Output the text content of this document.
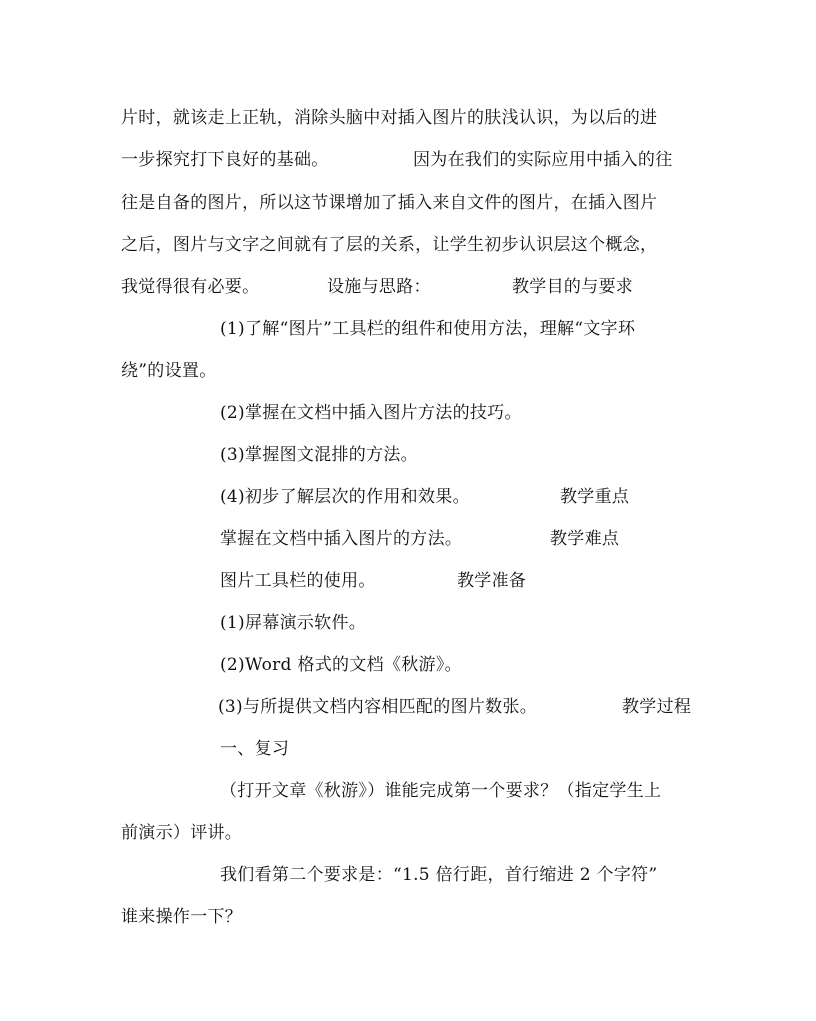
片时，就该走上正轨，消除头脑中对插入图片的肤浅认识，为以后的进
一步探究打下良好的基础。	因为在我们的实际应用中插入的往
往是自备的图片，所以这节课增加了插入来自文件的图片，在插入图片
之后，图片与文字之间就有了层的关系，让学生初步认识层这个概念，
我觉得很有必要。	设施与思路：	教学目的与要求
(1)了解“图片”工具栏的组件和使用方法，理解“文字环
绕”的设置。
(2)掌握在文档中插入图片方法的技巧。
(3)掌握图文混排的方法。
(4)初步了解层次的作用和效果。	教学重点
掌握在文档中插入图片的方法。	教学难点
图片工具栏的使用。	教学准备
(1)屏幕演示软件。
(2)Word 格式的文档《秋游》。
(3)与所提供文档内容相匹配的图片数张。	教学过程
一、复习
（打开文章《秋游》）谁能完成第一个要求？（指定学生上
前演示）评讲。
我们看第二个要求是：“1.5 倍行距，首行缩进 2 个字符”
谁来操作一下？
